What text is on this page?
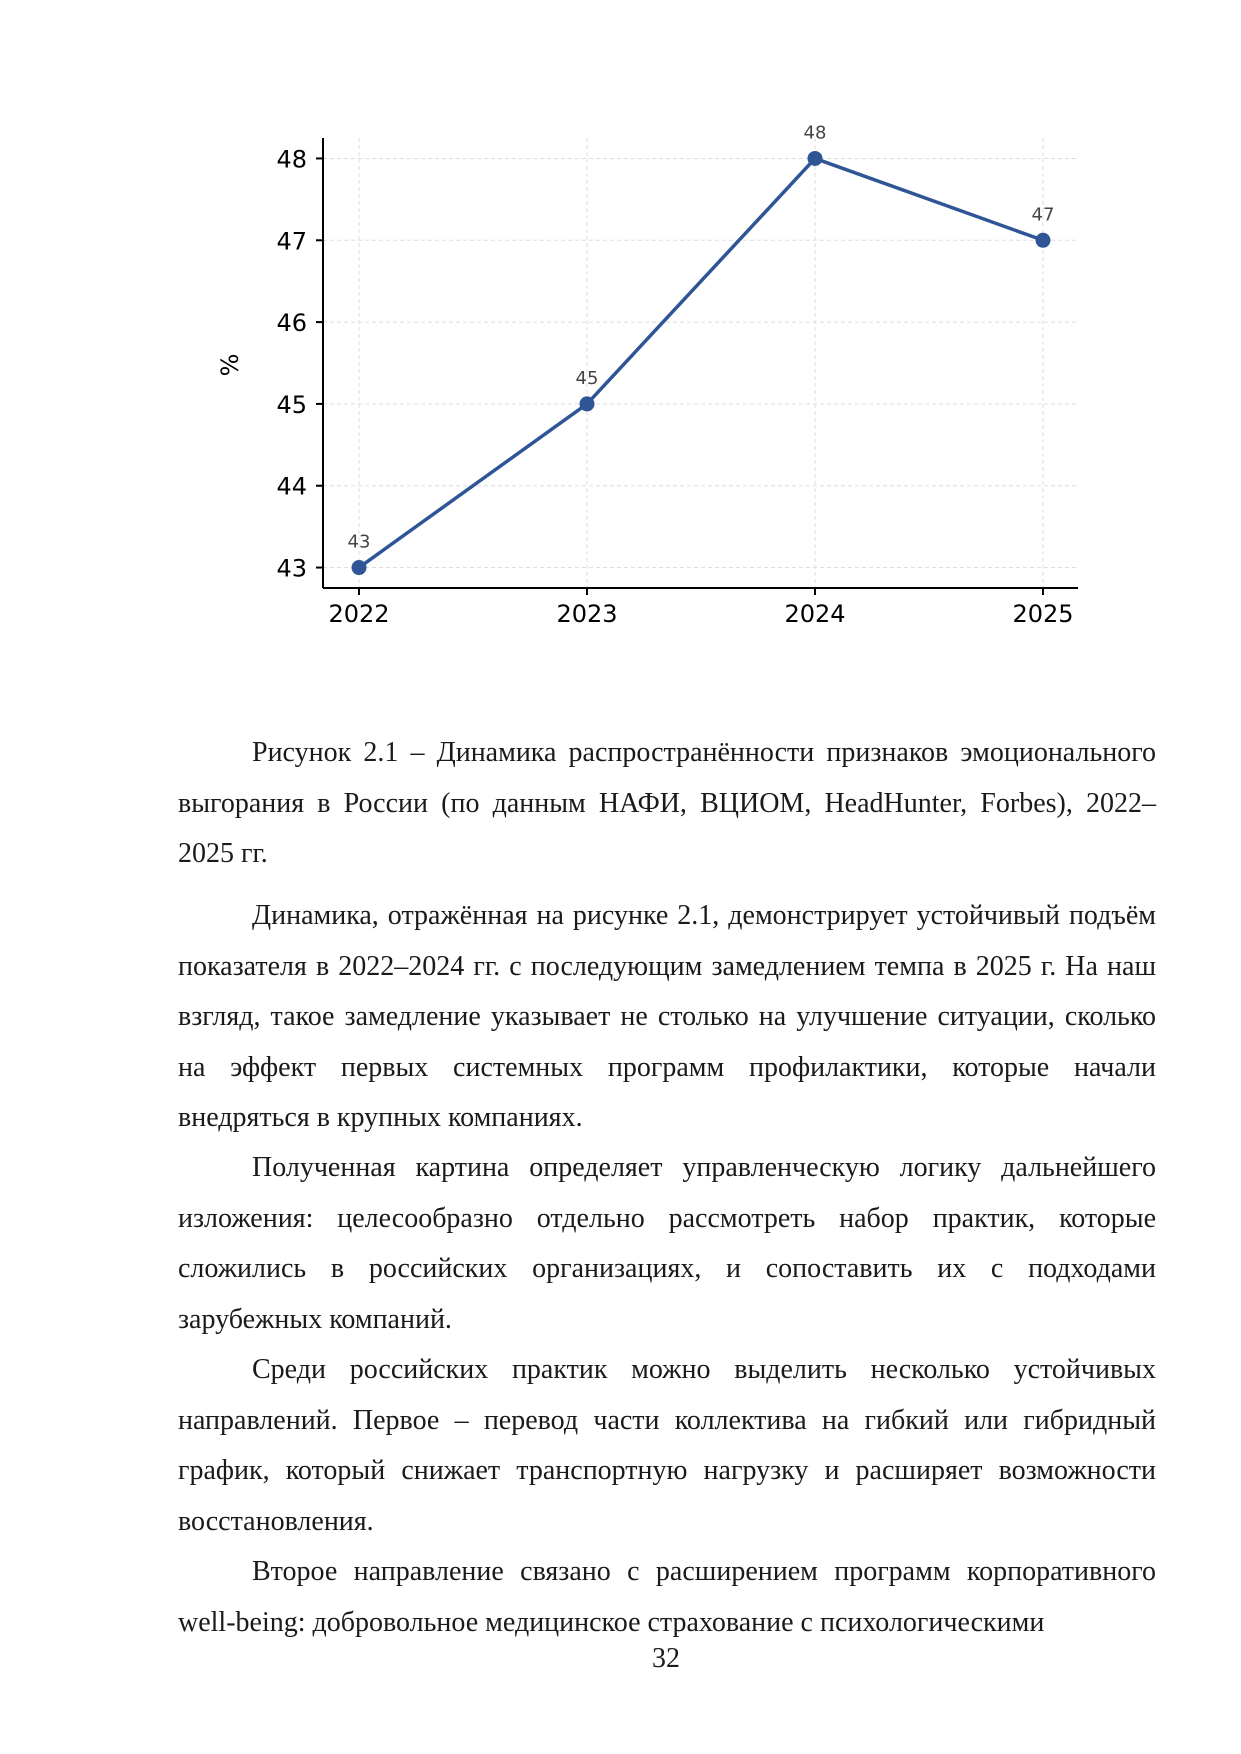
43
44
45
46
47
48
2022	2023	2024	2025
%
43
45
48
47

Рисунок 2.1 – Динамика распространённости признаков эмоционального выгорания в России (по данным НАФИ, ВЦИОМ, HeadHunter, Forbes), 2022–2025 гг.

Динамика, отражённая на рисунке 2.1, демонстрирует устойчивый подъём показателя в 2022–2024 гг. с последующим замедлением темпа в 2025 г. На наш взгляд, такое замедление указывает не столько на улучшение ситуации, сколько на эффект первых системных программ профилактики, которые начали внедряться в крупных компаниях.

Полученная картина определяет управленческую логику дальнейшего изложения: целесообразно отдельно рассмотреть набор практик, которые сложились в российских организациях, и сопоставить их с подходами зарубежных компаний.

Среди российских практик можно выделить несколько устойчивых направлений. Первое – перевод части коллектива на гибкий или гибридный график, который снижает транспортную нагрузку и расширяет возможности восстановления.

Второе направление связано с расширением программ корпоративного well-being: добровольное медицинское страхование с психологическими

32
